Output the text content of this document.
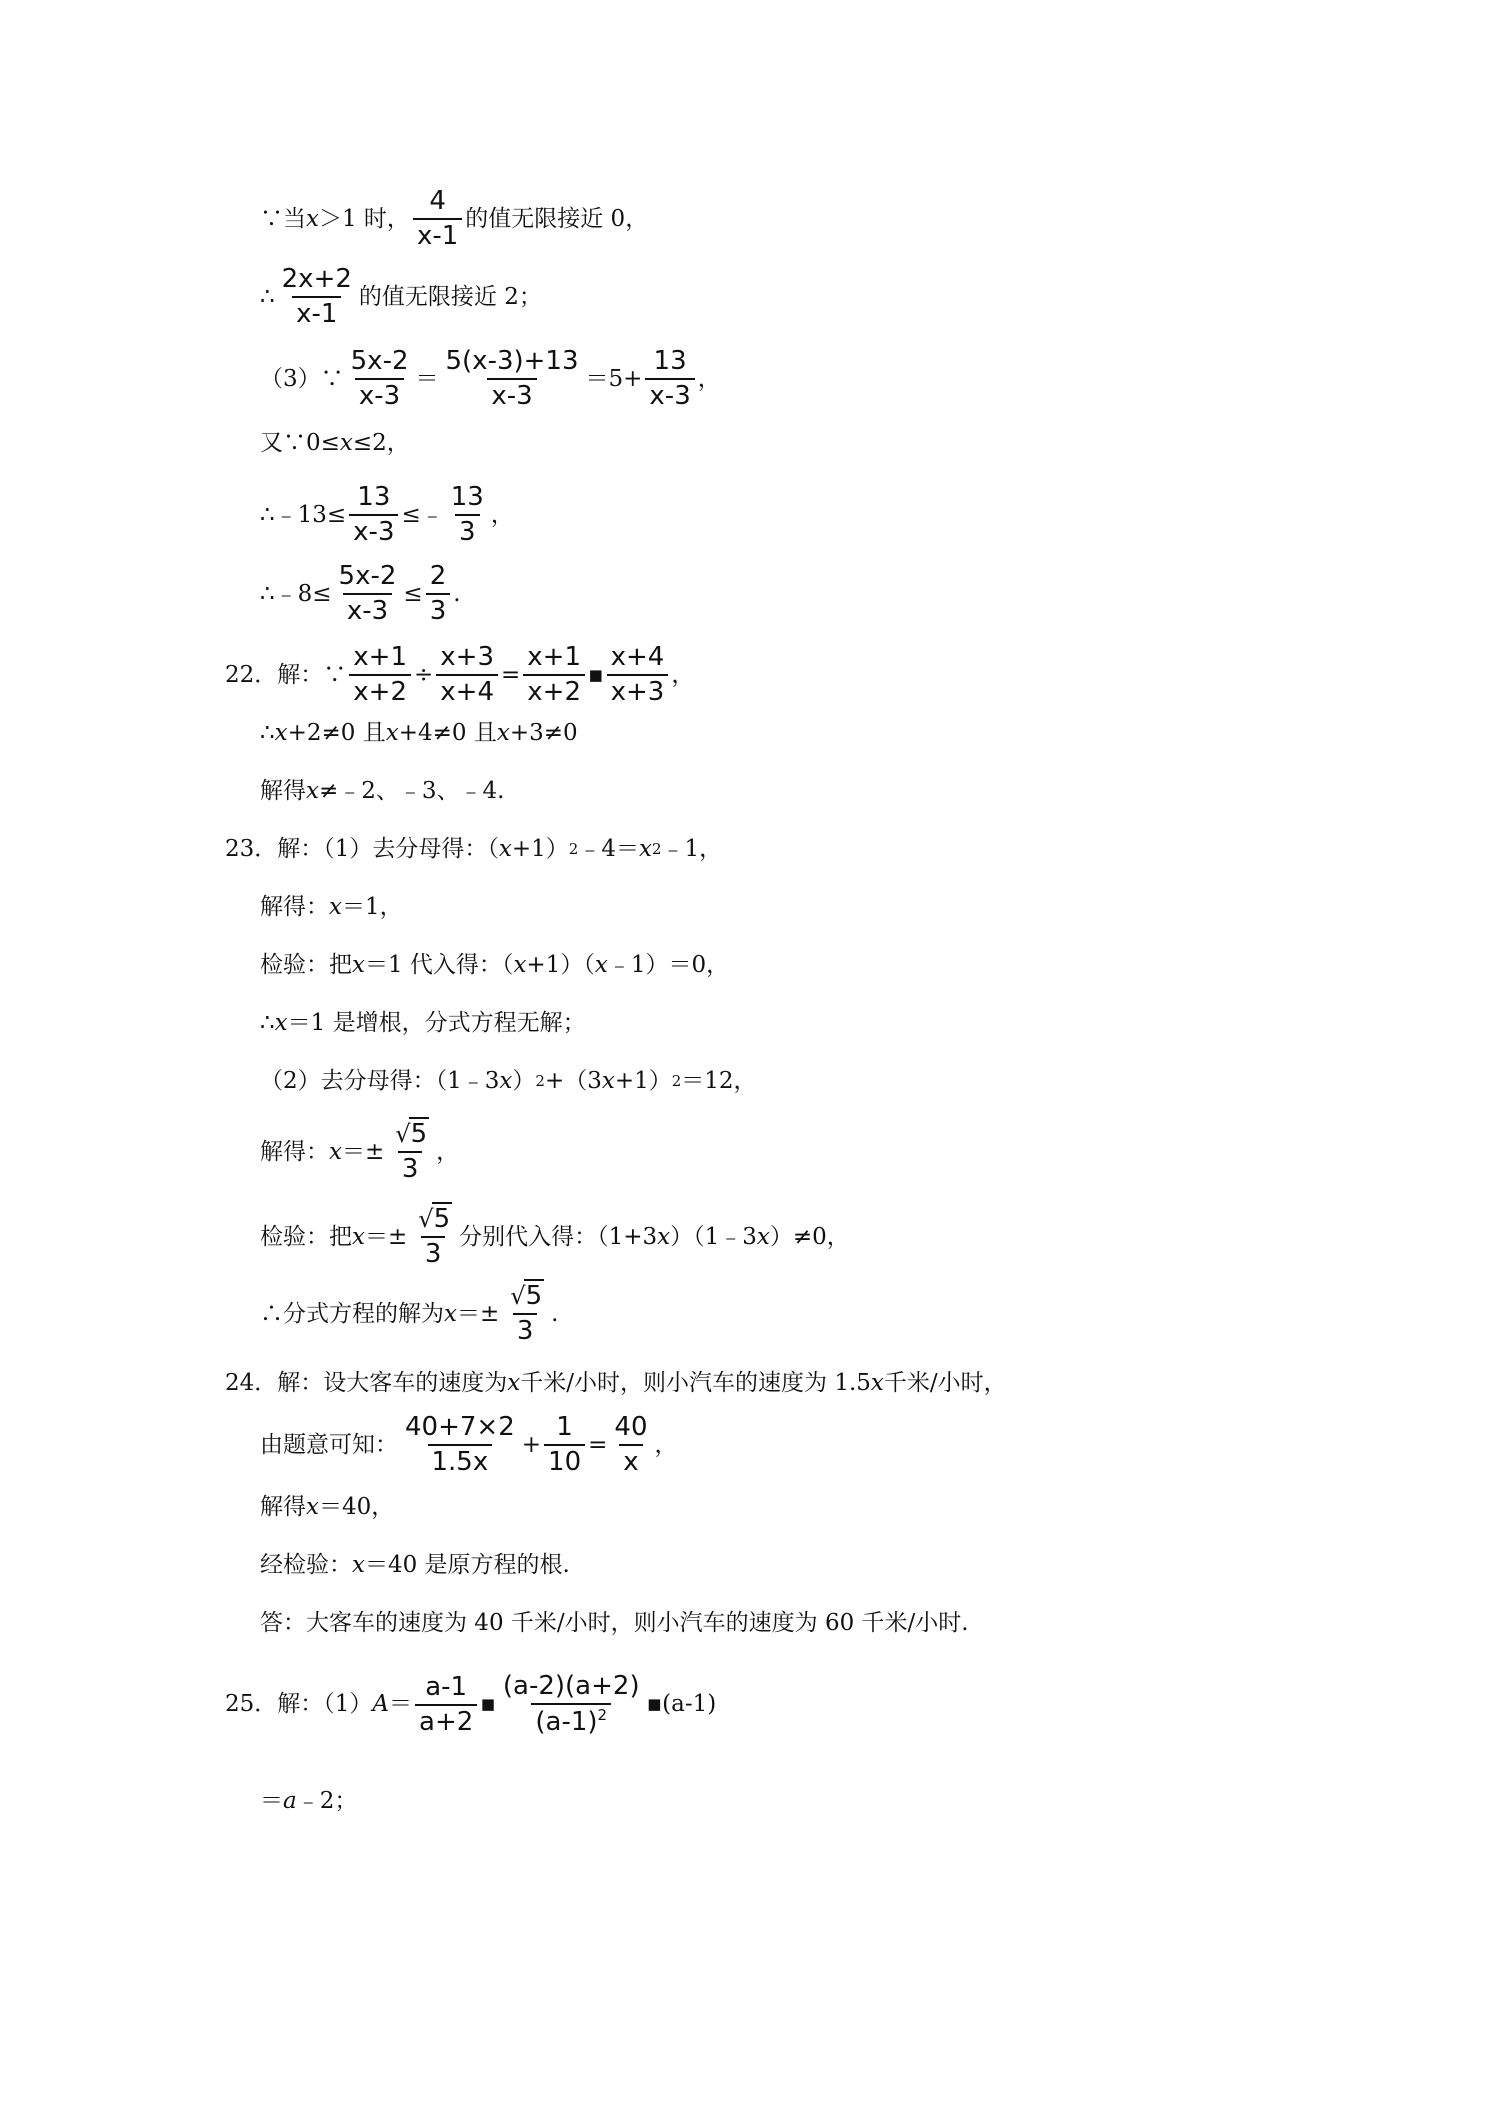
∵当 x ＞1 时， $\frac{4}{x-1}$ 的值无限接近 0，
∴ $\frac{2x+2}{x-1}$ 的值无限接近 2；
（3）∵ $\frac{5x-2}{x-3} = \frac{5(x-3)+13}{x-3} =5+ \frac{13}{x-3}$ ，
又∵0≤ x ≤2，
∴﹣13≤ $\frac{13}{x-3}$ ≤﹣ $\frac{13}{3}$ ，
∴﹣8≤ $\frac{5x-2}{x-3} \le \frac{2}{3}$ .
22．解：∵ $\frac{x+1}{x+2} \div \frac{x+3}{x+4} = \frac{x+1}{x+2}$ ▪ $\frac{x+4}{x+3}$ ，
∴ x +2≠0 且 x +4≠0 且 x +3≠0
解得 x ≠﹣2、﹣3、﹣4.
23．解：（1）去分母得：（ x +1） 2 ﹣4＝ x 2 ﹣1，
解得： x ＝1，
检验：把 x ＝1 代入得：（ x +1）（ x ﹣1）＝0，
∴ x ＝1 是增根，分式方程无解；
（2）去分母得：（1﹣3 x ） 2 +（3 x +1） 2 ＝12，
解得： $x =\pm \frac{√5}{3}$ ，
检验：把 $x =\pm \frac{√5}{3}$ 分别代入得：（1+3 x ）（1﹣3 x ）≠0，
∴分式方程的解为 $x =\pm \frac{√5}{3}$ .
24．解：设大客车的速度为 x 千米/小时，则小汽车的速度为 1.5 x 千米/小时，
由题意可知： $\frac{40+7\times 2}{1.5x} + \frac{1}{10} = \frac{40}{x}$ ，
解得 x ＝40，
经检验： x ＝40 是原方程的根.
答：大客车的速度为 40 千米/小时，则小汽车的速度为 60 千米/小时.
25．解：（1） $A = \frac{a-1}{a+2}$ ▪ $\frac{(a-2)(a+2)}{(a-1)^2}$ ▪(a-1)
＝ a ﹣2；
